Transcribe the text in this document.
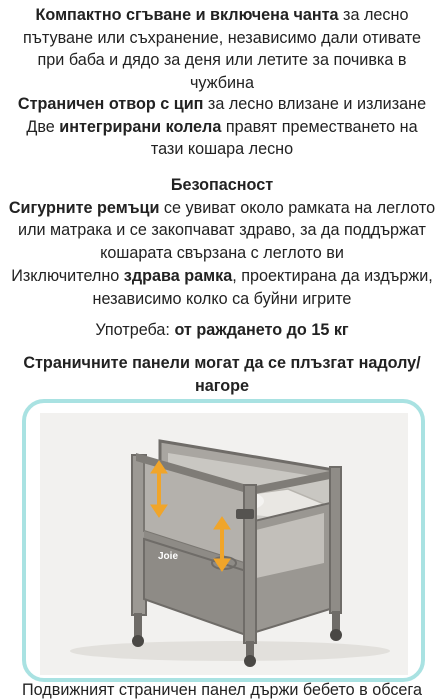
Компактно сгъване и включена чанта за лесно пътуване или съхранение, независимо дали отивате при баба и дядо за деня или летите за почивка в чужбина

Страничен отвор с цип за лесно влизане и излизане

Две интегрирани колела правят преместването на тази кошара лесно

Безопасност

Сигурните ремъци се увиват около рамката на леглото или матрака и се закопчават здраво, за да поддържат кошарата свързана с леглото ви

Изключително здрава рамка, проектирана да издържи, независимо колко са буйни игрите

Употреба: от раждането до 15 кг

Страничните панели могат да се плъзгат надолу/нагоре

Joie
Подвижният страничен панел държи бебето в обсега
